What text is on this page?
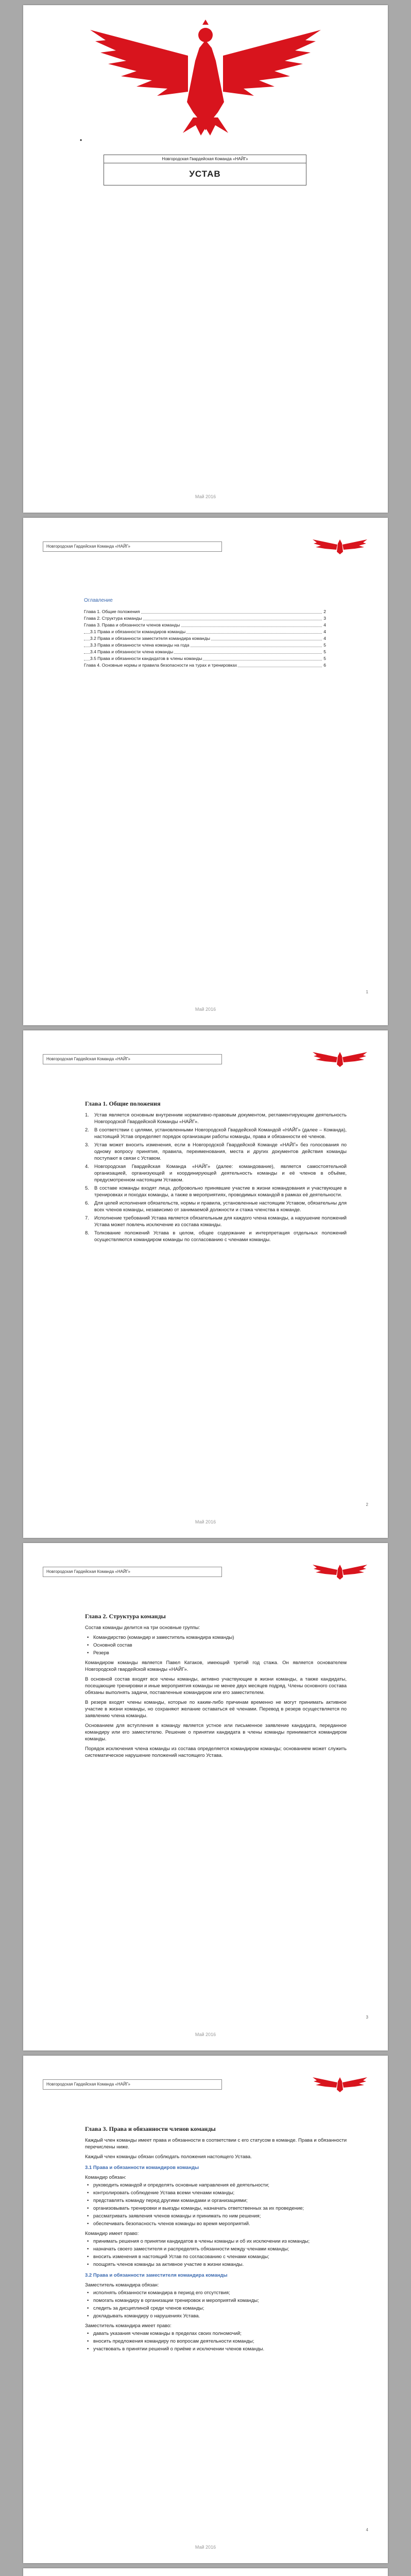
•
Новгородская Гвардейская Команда «НАЙГ»
УСТАВ
Май 2016
Новгородская Гардейская Команда «НАЙГ»
Оглавление
Глава 1. Общие положения	2
Глава 2. Структура команды	3
Глава 3. Права и обязанности членов команды	4
3.1 Права и обязанности командиров команды	4
3.2 Права и обязанности заместителя командира команды	4
3.3 Права и обязанности члена команды на года	5
3.4 Права и обязанности члена команды	5
3.5 Права и обязанности кандидатов в члены команды	5
Глава 4. Основные нормы и правила безопасности на турах и тренировках	6
1
Май 2016
Новгородская Гардейская Команда «НАЙГ»
Глава 1. Общие положения
1. Устав является основным внутренним нормативно-правовым документом, регламентирующим деятельность Новгородской Гвардейской Команды «НАЙГ».
2. В соответствии с целями, установленными Новгородской Гвардейской Командой «НАЙГ» (далее – Команда), настоящий Устав определяет порядок организации работы команды, права и обязанности её членов.
3. Устав может вносить изменения, если в Новгородской Гвардейской Команде «НАЙГ» без голосования по одному вопросу принятия, правила, переименования, места и других документов действия команды поступают в связи с Уставом.
4. Новгородская Гвардейская Команда «НАЙГ» (далее: командование), является самостоятельной организацией, организующей и координирующей деятельность команды и её членов в объёме, предусмотренном настоящим Уставом.
5. В составе команды входят лица, добровольно принявшие участие в жизни командования и участвующие в тренировках и походах команды, а также в мероприятиях, проводимых командой в рамках её деятельности.
6. Для целей исполнения обязательств, нормы и правила, установленные настоящим Уставом, обязательны для всех членов команды, независимо от занимаемой должности и стажа членства в команде.
7. Исполнение требований Устава является обязательным для каждого члена команды, а нарушение положений Устава может повлечь исключение из состава команды.
8. Толкование положений Устава в целом, общее содержание и интерпретация отдельных положений осуществляются командиром команды по согласованию с членами команды.
2
Май 2016
Новгородская Гардейская Команда «НАЙГ»
Глава 2. Структура команды

Состав команды делится на три основные группы:

• Командирство (командир и заместитель командира команды)
• Основной состав
• Резерв

Командиром команды является Павел Катаков, имеющий третий год стажа. Он является основателем Новгородской гвардейской команды «НАЙГ».

В основной состав входят все члены команды, активно участвующие в жизни команды, а также кандидаты, посещающие тренировки и иные мероприятия команды не менее двух месяцев подряд. Члены основного состава обязаны выполнять задачи, поставленные командиром или его заместителем.

В резерв входят члены команды, которые по каким-либо причинам временно не могут принимать активное участие в жизни команды, но сохраняют желание оставаться её членами. Перевод в резерв осуществляется по заявлению члена команды.

Основанием для вступления в команду является устное или письменное заявление кандидата, переданное командиру или его заместителю. Решение о принятии кандидата в члены команды принимается командиром команды.

Порядок исключения члена команды из состава определяется командиром команды; основанием может служить систематическое нарушение положений настоящего Устава.

3
Май 2016
Новгородская Гардейская Команда «НАЙГ»
Глава 3. Права и обязанности членов команды

Каждый член команды имеет права и обязанности в соответствии с его статусом в команде. Права и обязанности перечислены ниже.

Каждый член команды обязан соблюдать положения настоящего Устава.

3.1 Права и обязанности командиров команды
Командир обязан:
• руководить командой и определять основные направления её деятельности;
• контролировать соблюдение Устава всеми членами команды;
• представлять команду перед другими командами и организациями;
• организовывать тренировки и выезды команды, назначать ответственных за их проведение;
• рассматривать заявления членов команды и принимать по ним решения;
• обеспечивать безопасность членов команды во время мероприятий.
Командир имеет право:
• принимать решения о принятии кандидатов в члены команды и об их исключении из команды;
• назначать своего заместителя и распределять обязанности между членами команды;
• вносить изменения в настоящий Устав по согласованию с членами команды;
• поощрять членов команды за активное участие в жизни команды.
3.2 Права и обязанности заместителя командира команды
Заместитель командира обязан:
• исполнять обязанности командира в период его отсутствия;
• помогать командиру в организации тренировок и мероприятий команды;
• следить за дисциплиной среди членов команды;
• докладывать командиру о нарушениях Устава.
Заместитель командира имеет право:
• давать указания членам команды в пределах своих полномочий;
• вносить предложения командиру по вопросам деятельности команды;
• участвовать в принятии решений о приёме и исключении членов команды.
4
Май 2016
